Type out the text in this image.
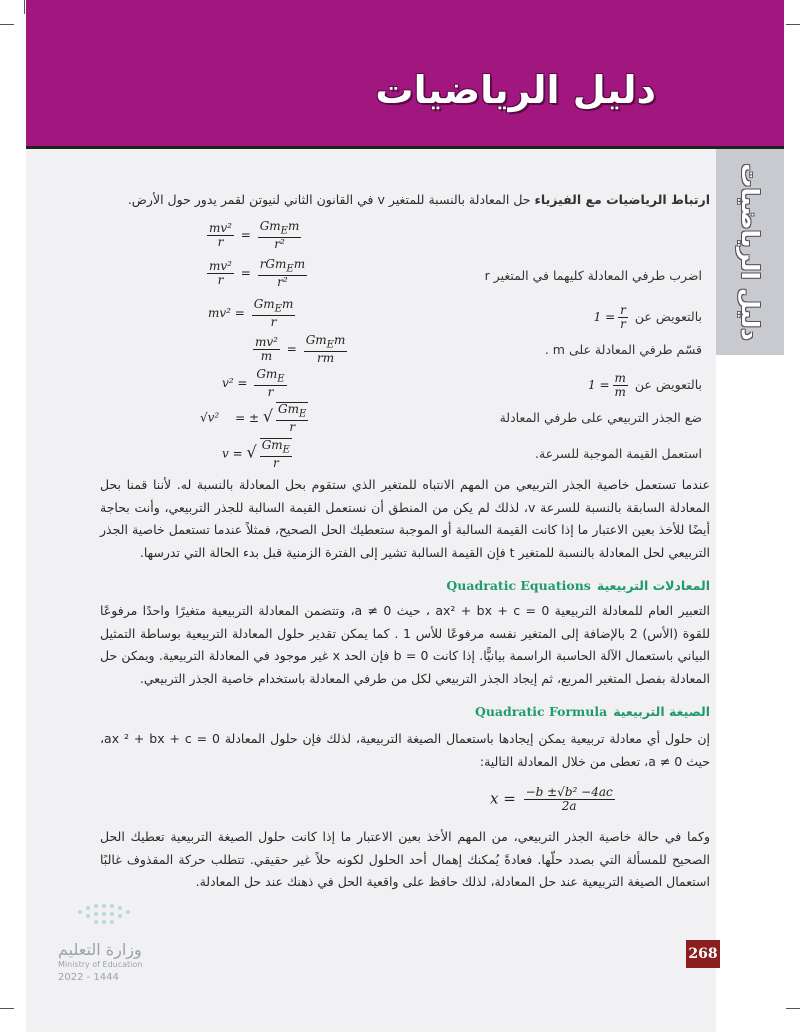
دليل الرياضيات
دليل الرياضيات
ارتباط الرياضيات مع الفيزياء حل المعادلة بالنسبة للمتغير v في القانون الثاني لنيوتن لقمر يدور حول الأرض.
$\frac{\text{mv²}}{r} = \frac{Gm_Em}{\text{r²}}$
$\frac{\text{mv²}}{r} = \frac{rGm_Em}{\text{r²}}$
$mv^2 = \frac{Gm_Em}{r}$
$\frac{\text{mv²}}{m} = \frac{Gm_Em}{rm}$
$v^2 = \frac{Gm_E}{r}$
√v² = ± √ $\frac{Gm_E}{r}$
v = √ $\frac{Gm_E}{r}$
اضرب طرفي المعادلة كليهما في المتغير r
بالتعويض عن
$\frac{r}{r}$
= 1
قسّم طرفي المعادلة على m .
بالتعويض عن
$\frac{m}{m}$
= 1
ضع الجذر التربيعي على طرفي المعادلة
استعمل القيمة الموجبة للسرعة.
عندما تستعمل خاصية الجذر التربيعي من المهم الانتباه للمتغير الذي ستقوم بحل المعادلة بالنسبة له. لأننا قمنا بحل المعادلة السابقة بالنسبة للسرعة v، لذلك لم يكن من المنطق أن نستعمل القيمة السالبة للجذر التربيعي، وأنت بحاجة أيضًا للأخذ بعين الاعتبار ما إذا كانت القيمة السالبة أو الموجبة ستعطيك الحل الصحيح، فمثلاً عندما تستعمل خاصية الجذر التربيعي لحل المعادلة بالنسبة للمتغير t فإن القيمة السالبة تشير إلى الفترة الزمنية قبل بدء الحالة التي تدرسها.
المعادلات التربيعيةQuadratic Equations
التعبير العام للمعادلة التربيعية ax² + bx + c = 0 ، حيث a ≠ 0، وتتضمن المعادلة التربيعية متغيرًا واحدًا مرفوعًا للقوة (الأس) 2 بالإضافة إلى المتغير نفسه مرفوعًا للأس 1 . كما يمكن تقدير حلول المعادلة التربيعية بوساطة التمثيل البياني باستعمال الآلة الحاسبة الراسمة بيانيًّا. إذا كانت b = 0 فإن الحد x غير موجود في المعادلة التربيعية. ويمكن حل المعادلة بفصل المتغير المربع، ثم إيجاد الجذر التربيعي لكل من طرفي المعادلة باستخدام خاصية الجذر التربيعي.
الصيغة التربيعيةQuadratic Formula
إن حلول أي معادلة تربيعية يمكن إيجادها باستعمال الصيغة التربيعية، لذلك فإن حلول المعادلة ax ² + bx + c = 0، حيث a ≠ 0، تعطى من خلال المعادلة التالية:
$x = \frac{\text{−b ±√b² −4ac}}{2a}$
وكما في حالة خاصية الجذر التربيعي، من المهم الأخذ بعين الاعتبار ما إذا كانت حلول الصيغة التربيعية تعطيك الحل الصحيح للمسألة التي بصدد حلّها. فعادةً يُمكنك إهمال أحد الحلول لكونه حلاً غير حقيقي. تتطلب حركة المقذوف غالبًا استعمال الصيغة التربيعية عند حل المعادلة، لذلك حافظ على واقعية الحل في ذهنك عند حل المعادلة.
وزارة التعليم
Ministry of Education
2022 - 1444
268
